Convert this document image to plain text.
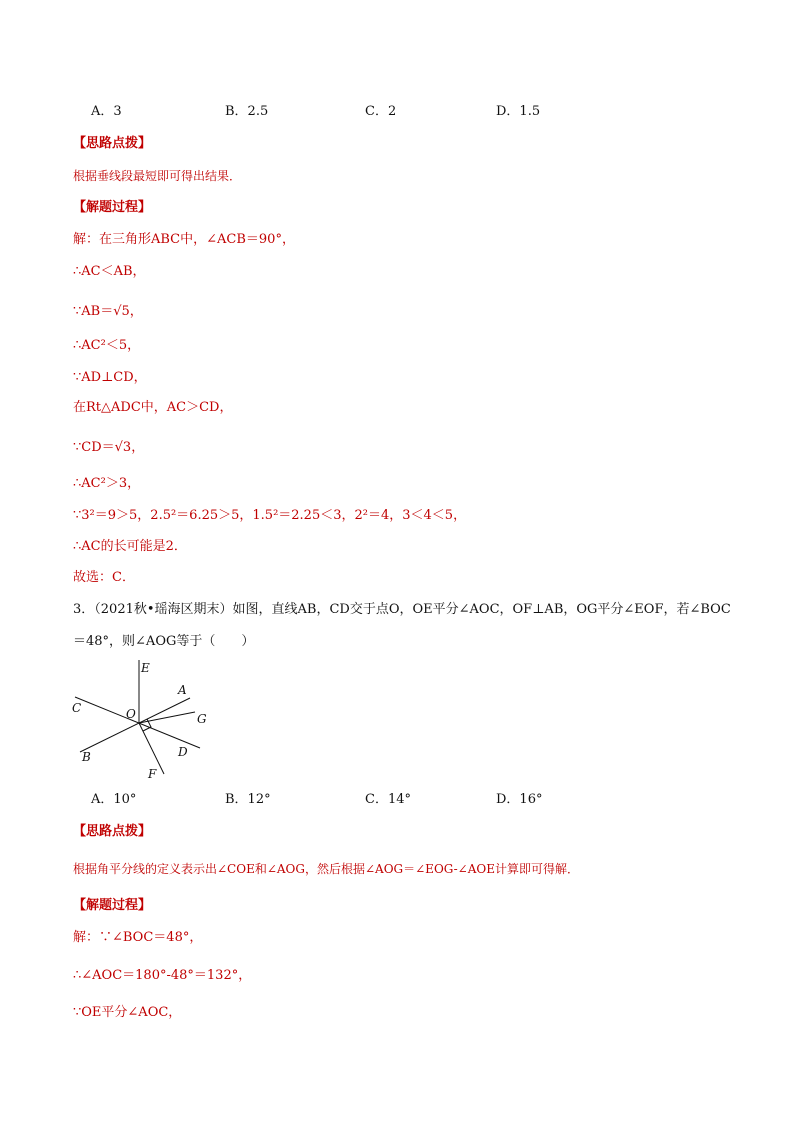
A．3	B．2.5	C．2	D．1.5
【思路点拨】
根据垂线段最短即可得出结果．
【解题过程】
解：在三角形ABC中，∠ACB＝90°，
∴AC＜AB，
∵AB＝√5，
∴AC²＜5，
∵AD⊥CD，
在Rt△ADC中，AC＞CD，
∵CD＝√3，
∴AC²＞3，
∵3²＝9＞5，2.5²＝6.25＞5，1.5²＝2.25＜3，2²＝4，3＜4＜5，
∴AC的长可能是2．
故选：C．
3．（2021秋•瑶海区期末）如图，直线AB，CD交于点O，OE平分∠AOC，OF⊥AB，OG平分∠EOF，若∠BOC
＝48°，则∠AOG等于（　　）
E
A
C	O	G
B	D
F
A．10°	B．12°	C．14°	D．16°
【思路点拨】
根据角平分线的定义表示出∠COE和∠AOG，然后根据∠AOG＝∠EOG-∠AOE计算即可得解．
【解题过程】
解：∵∠BOC＝48°，
∴∠AOC＝180°-48°＝132°，
∵OE平分∠AOC，
